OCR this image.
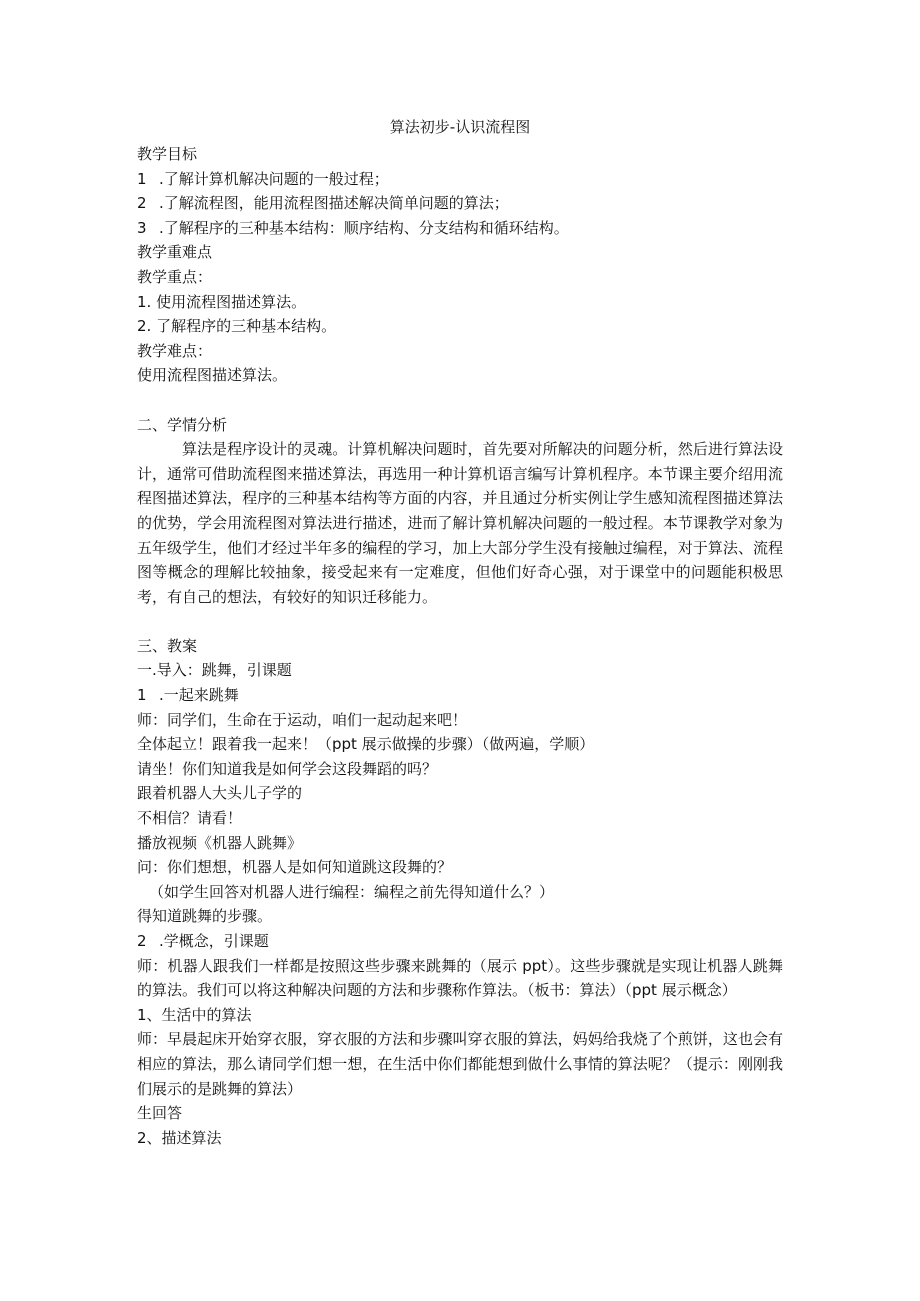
算法初步-认识流程图
教学目标
1 .了解计算机解决问题的一般过程；
2 .了解流程图，能用流程图描述解决简单问题的算法；
3 .了解程序的三种基本结构：顺序结构、分支结构和循环结构。
教学重难点
教学重点：
1. 使用流程图描述算法。
2. 了解程序的三种基本结构。
教学难点：
使用流程图描述算法。
二、学情分析
算法是程序设计的灵魂。计算机解决问题时，首先要对所解决的问题分析，然后进行算法设计，通常可借助流程图来描述算法，再选用一种计算机语言编写计算机程序。本节课主要介绍用流程图描述算法，程序的三种基本结构等方面的内容，并且通过分析实例让学生感知流程图描述算法的优势，学会用流程图对算法进行描述，进而了解计算机解决问题的一般过程。本节课教学对象为五年级学生，他们才经过半年多的编程的学习，加上大部分学生没有接触过编程，对于算法、流程图等概念的理解比较抽象，接受起来有一定难度，但他们好奇心强，对于课堂中的问题能积极思考，有自己的想法，有较好的知识迁移能力。
三、教案
一.导入：跳舞，引课题
1 .一起来跳舞
师：同学们，生命在于运动，咱们一起动起来吧！
全体起立！跟着我一起来！（ppt 展示做操的步骤）（做两遍，学顺）
请坐！你们知道我是如何学会这段舞蹈的吗？
跟着机器人大头儿子学的
不相信？请看！
播放视频《机器人跳舞》
问：你们想想，机器人是如何知道跳这段舞的？
（如学生回答对机器人进行编程：编程之前先得知道什么？）
得知道跳舞的步骤。
2 .学概念，引课题
师：机器人跟我们一样都是按照这些步骤来跳舞的（展示 ppt）。这些步骤就是实现让机器人跳舞的算法。我们可以将这种解决问题的方法和步骤称作算法。（板书：算法）（ppt 展示概念）
1、生活中的算法
师：早晨起床开始穿衣服，穿衣服的方法和步骤叫穿衣服的算法，妈妈给我烧了个煎饼，这也会有相应的算法，那么请同学们想一想，在生活中你们都能想到做什么事情的算法呢？（提示：刚刚我们展示的是跳舞的算法）
生回答
2、描述算法
